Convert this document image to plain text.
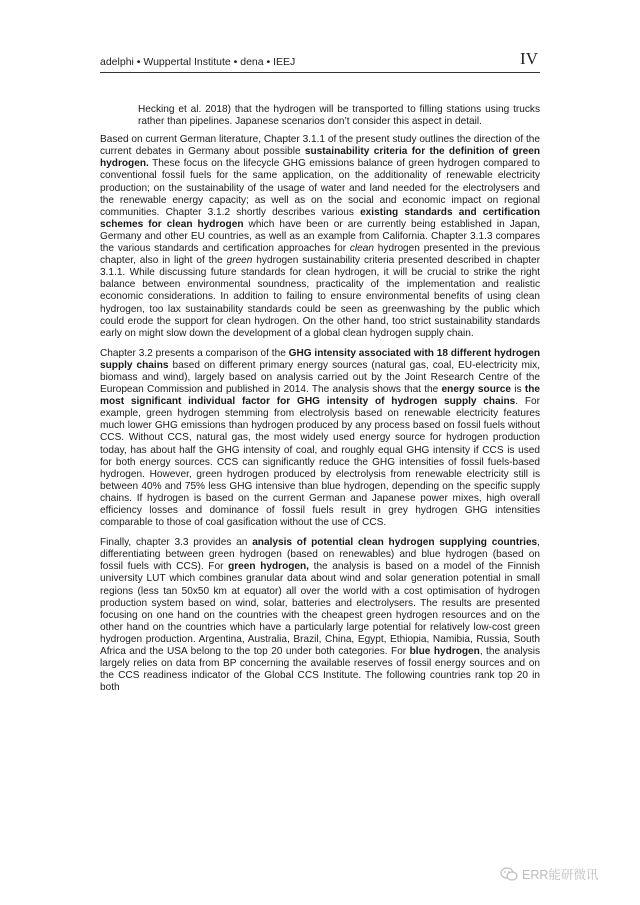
adelphi • Wuppertal Institute • dena • IEEJ	IV

Hecking et al. 2018) that the hydrogen will be transported to filling stations using trucks rather than pipelines. Japanese scenarios don’t consider this aspect in detail.

Based on current German literature, Chapter 3.1.1 of the present study outlines the direction of the current debates in Germany about possible sustainability criteria for the definition of green hydrogen. These focus on the lifecycle GHG emissions balance of green hydrogen compared to conventional fossil fuels for the same application, on the additionality of renewable electricity production; on the sustainability of the usage of water and land needed for the electrolysers and the renewable energy capacity; as well as on the social and economic impact on regional communities. Chapter 3.1.2 shortly describes various existing standards and certification schemes for clean hydrogen which have been or are currently being established in Japan, Germany and other EU countries, as well as an example from California. Chapter 3.1.3 compares the various standards and certification approaches for clean hydrogen presented in the previous chapter, also in light of the green hydrogen sustainability criteria presented described in chapter 3.1.1. While discussing future standards for clean hydrogen, it will be crucial to strike the right balance between environmental soundness, practicality of the implementation and realistic economic considerations. In addition to failing to ensure environmental benefits of using clean hydrogen, too lax sustainability standards could be seen as greenwashing by the public which could erode the support for clean hydrogen. On the other hand, too strict sustainability standards early on might slow down the development of a global clean hydrogen supply chain.

Chapter 3.2 presents a comparison of the GHG intensity associated with 18 different hydrogen supply chains based on different primary energy sources (natural gas, coal, EU-electricity mix, biomass and wind), largely based on analysis carried out by the Joint Research Centre of the European Commission and published in 2014. The analysis shows that the energy source is the most significant individual factor for GHG intensity of hydrogen supply chains. For example, green hydrogen stemming from electrolysis based on renewable electricity features much lower GHG emissions than hydrogen produced by any process based on fossil fuels without CCS. Without CCS, natural gas, the most widely used energy source for hydrogen production today, has about half the GHG intensity of coal, and roughly equal GHG intensity if CCS is used for both energy sources. CCS can significantly reduce the GHG intensities of fossil fuels-based hydrogen. However, green hydrogen produced by electrolysis from renewable electricity still is between 40% and 75% less GHG intensive than blue hydrogen, depending on the specific supply chains. If hydrogen is based on the current German and Japanese power mixes, high overall efficiency losses and dominance of fossil fuels result in grey hydrogen GHG intensities comparable to those of coal gasification without the use of CCS.

Finally, chapter 3.3 provides an analysis of potential clean hydrogen supplying countries, differentiating between green hydrogen (based on renewables) and blue hydrogen (based on fossil fuels with CCS). For green hydrogen, the analysis is based on a model of the Finnish university LUT which combines granular data about wind and solar generation potential in small regions (less tan 50x50 km at equator) all over the world with a cost optimisation of hydrogen production system based on wind, solar, batteries and electrolysers. The results are presented focusing on one hand on the countries with the cheapest green hydrogen resources and on the other hand on the countries which have a particularly large potential for relatively low-cost green hydrogen production. Argentina, Australia, Brazil, China, Egypt, Ethiopia, Namibia, Russia, South Africa and the USA belong to the top 20 under both categories. For blue hydrogen, the analysis largely relies on data from BP concerning the available reserves of fossil energy sources and on the CCS readiness indicator of the Global CCS Institute. The following countries rank top 20 in both

ERR能研微讯
